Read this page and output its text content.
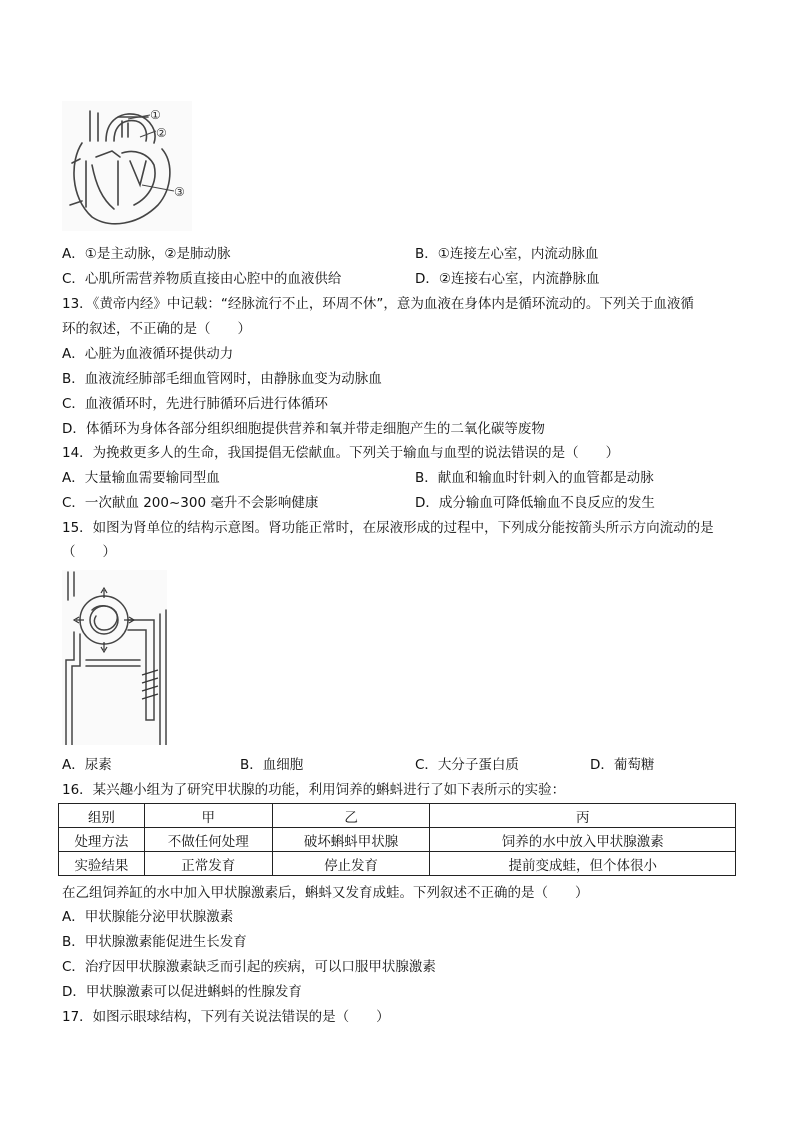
①
②
③
A．①是主动脉，②是肺动脉	B．①连接左心室，内流动脉血
C．心肌所需营养物质直接由心腔中的血液供给	D．②连接右心室，内流静脉血
13．《黄帝内经》中记载：“经脉流行不止，环周不休”，意为血液在身体内是循环流动的。下列关于血液循
环的叙述，不正确的是（　　）
A．心脏为血液循环提供动力
B．血液流经肺部毛细血管网时，由静脉血变为动脉血
C．血液循环时，先进行肺循环后进行体循环
D．体循环为身体各部分组织细胞提供营养和氧并带走细胞产生的二氧化碳等废物
14．为挽救更多人的生命，我国提倡无偿献血。下列关于输血与血型的说法错误的是（　　）
A．大量输血需要输同型血	B．献血和输血时针刺入的血管都是动脉
C．一次献血 200~300 毫升不会影响健康	D．成分输血可降低输血不良反应的发生
15．如图为肾单位的结构示意图。肾功能正常时，在尿液形成的过程中，下列成分能按箭头所示方向流动的是
（　　）
A．尿素	B．血细胞	C．大分子蛋白质	D．葡萄糖
16．某兴趣小组为了研究甲状腺的功能，利用饲养的蝌蚪进行了如下表所示的实验：
组别	甲	乙	丙
处理方法	不做任何处理	破坏蝌蚪甲状腺	饲养的水中放入甲状腺激素
实验结果	正常发育	停止发育	提前变成蛙，但个体很小
在乙组饲养缸的水中加入甲状腺激素后，蝌蚪又发育成蛙。下列叙述不正确的是（　　）
A．甲状腺能分泌甲状腺激素
B．甲状腺激素能促进生长发育
C．治疗因甲状腺激素缺乏而引起的疾病，可以口服甲状腺激素
D．甲状腺激素可以促进蝌蚪的性腺发育
17．如图示眼球结构，下列有关说法错误的是（　　）
